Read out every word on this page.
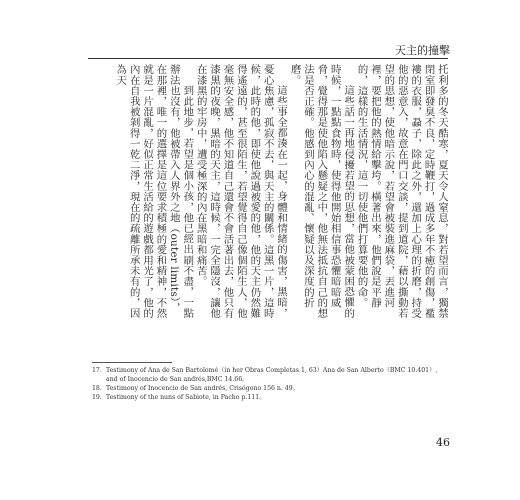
天主的撞擊

托利多的冬天酷寒，夏天令人窒息，對若望而言，獨禁閉室即發臭不良，定時鞭打，過成多年不癒的創傷，襤褸的衣服，蝨子，除此之外，還加上心理的折磨，持受他的惡意入，故意在門口交談，提到道院，藉以撕動若望的思想，使他暗示說，若望會被裝進麻袋，丟進河裡，要把他的熱情給擊垮。橫著出來，他們說是平靜的，這樣的生活情況，這一切使他們打算要他的命。

這些話一再地侵擾若望的思想，當他被蒙困恐懼的時候，一點點食物時，使得他開始相信事恐懼暗暗威脅，覺得那是使他陷入懸疑之中，他無法抵抗自己的想法是否正確。他感到內心的混亂、懷疑以及深度的折磨。

這些事全都湊在一起，身體和情緒的傷害，黑暗，憂心焦慮，孤寂不去，與天主的關係。這黑一片，這時候，此時的他，即使他說過被愛的他，他的天主仍然難得遙遠的，甚至很陌生，若望覺得自己像個陌生人，他毫無安全感，他不知道自己還會不會活著出去，他只有漆黑的夜晚，黑暗的天主，這時候，一完全隱沒，讓他在漆黑的牢房中，遭受極深的內在黑暗和痛苦。

到此地步，若望是個小孩，他已經出刷不盡，一點辦法也沒有，他被帶入人界外之地（outer limits），在那裡，唯一的選擇是這位要求積極的愛和精神，不然就是一片混亂，好似正常生活給的遊戲都用光了，他的內在自我被剝得一乾二淨，現在的疏離所承未有的，因為天

17. Testimony of Ana de San Bartolomé（in her Obras Completas 1, 63）Ana de San Alberto（BMC 10.401）, and of Inocencio de San andrés,BMC 14.66。
18. Testimony of Inocencio de San andrés, Crisógono 156 n. 49。
19. Testimony of the nuns of Sabiote, in Pacho p.111。
46
